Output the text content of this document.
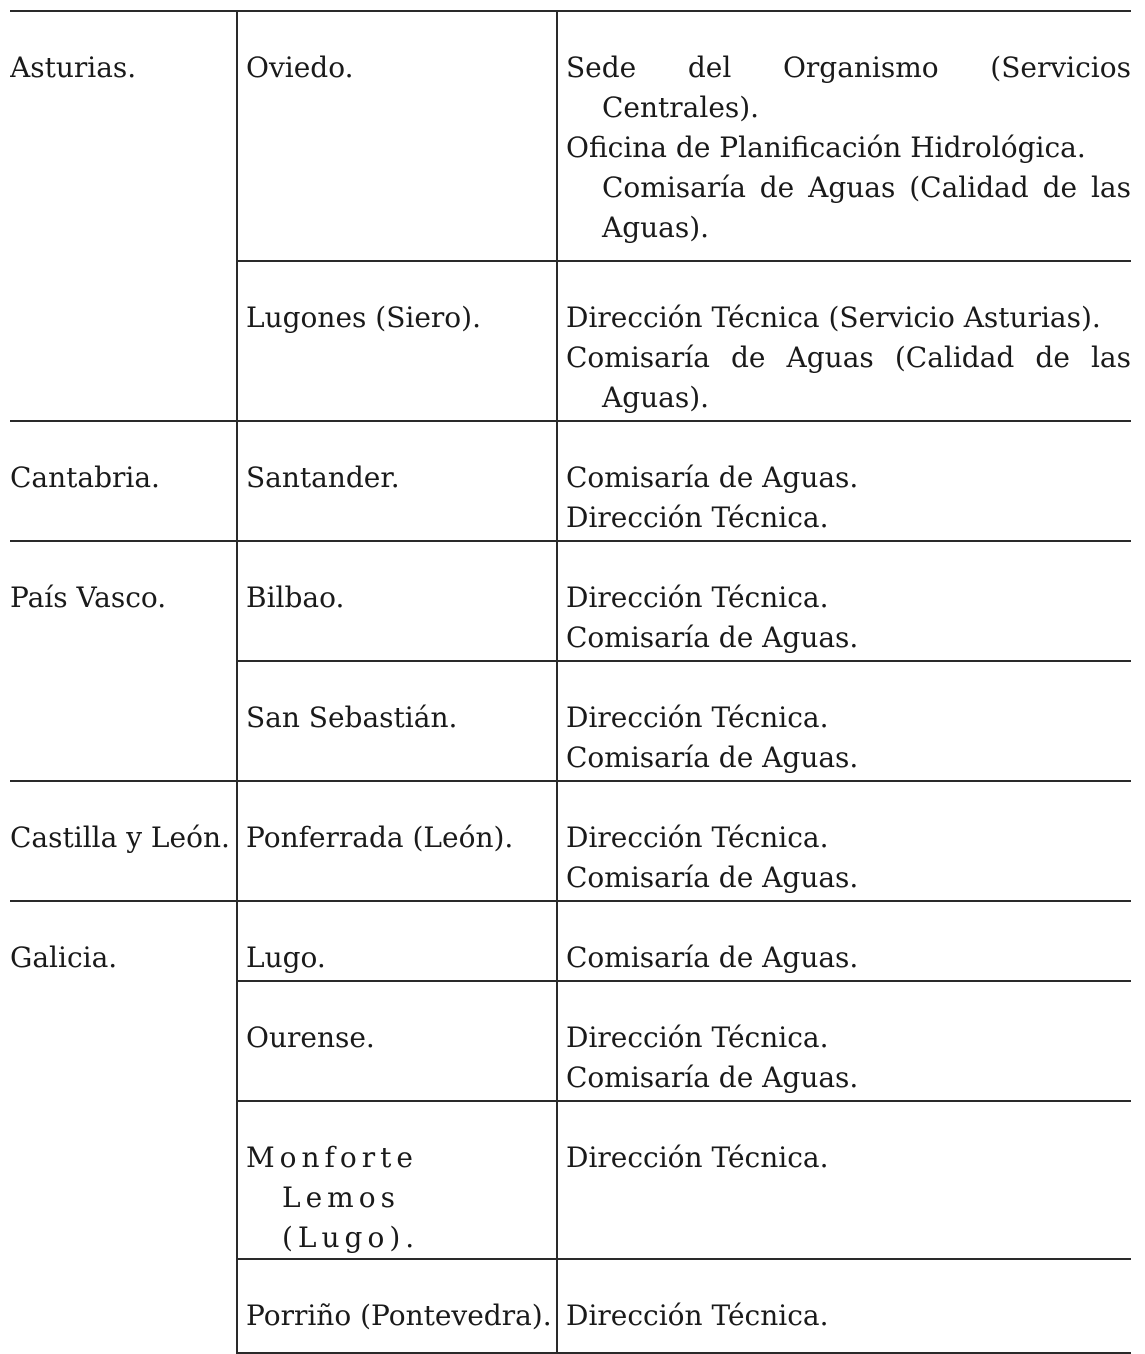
Asturias.	Oviedo.	Sede del Organismo (Servicios Centrales).
Oficina de Planificación Hidrológica.
Comisaría de Aguas (Calidad de las Aguas).

	Lugones (Siero).	Dirección Técnica (Servicio Asturias).
Comisaría de Aguas (Calidad de las Aguas).

Cantabria.	Santander.	Comisaría de Aguas.
Dirección Técnica.

País Vasco.	Bilbao.	Dirección Técnica.
Comisaría de Aguas.

	San Sebastián.	Dirección Técnica.
Comisaría de Aguas.

Castilla y León.	Ponferrada (León).	Dirección Técnica.
Comisaría de Aguas.

Galicia.	Lugo.	Comisaría de Aguas.

	Ourense.	Dirección Técnica.
Comisaría de Aguas.

	Monforte Lemos (Lugo).	Dirección Técnica.

	Porriño (Pontevedra).	Dirección Técnica.
